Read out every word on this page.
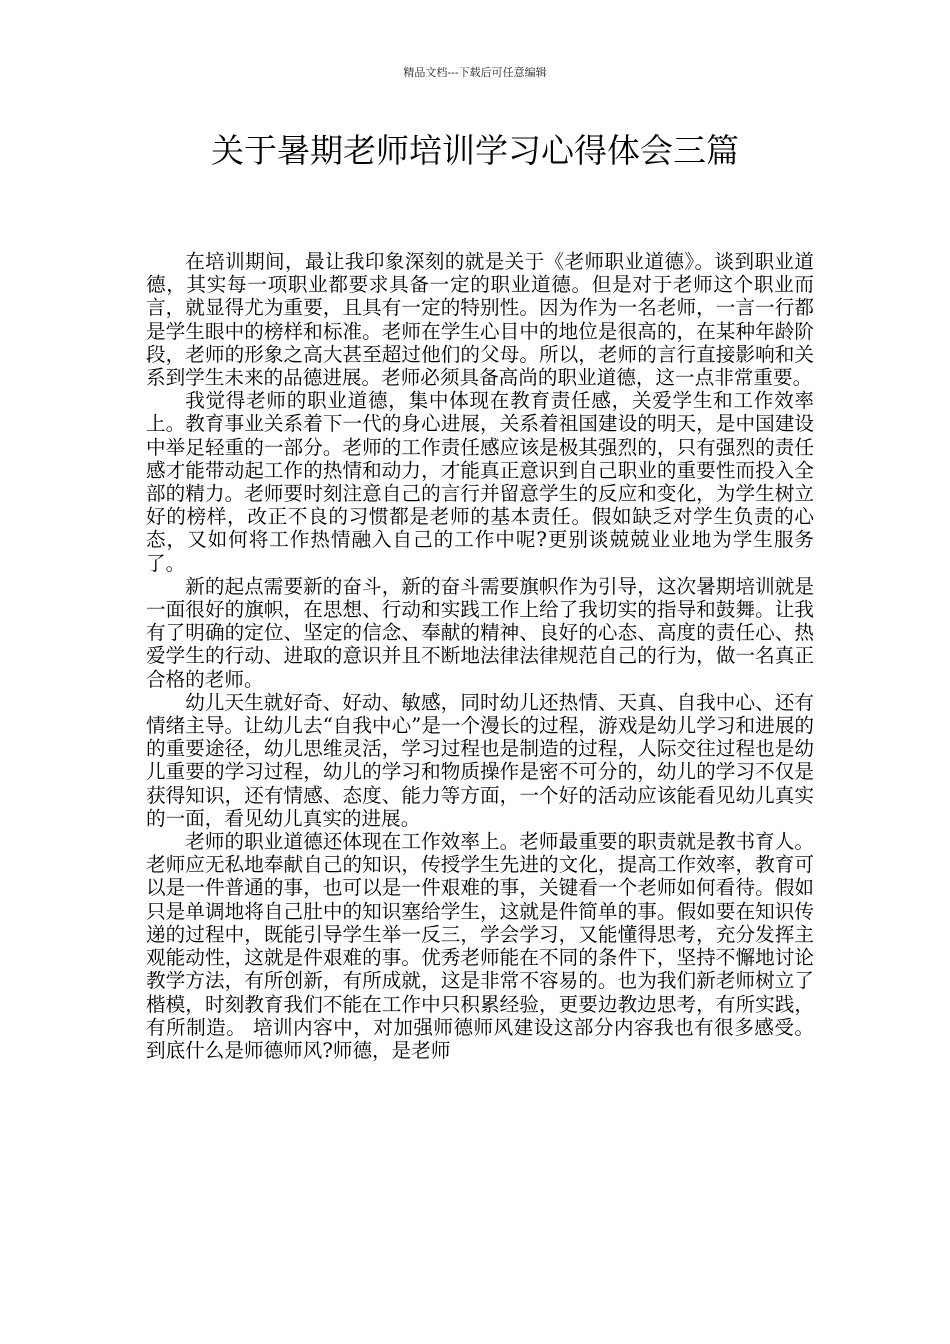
精品文档---下载后可任意编辑
关于暑期老师培训学习心得体会三篇

在培训期间，最让我印象深刻的就是关于《老师职业道德》。谈到职业道德，其实每一项职业都要求具备一定的职业道德。但是对于老师这个职业而言，就显得尤为重要，且具有一定的特别性。因为作为一名老师，一言一行都是学生眼中的榜样和标准。老师在学生心目中的地位是很高的，在某种年龄阶段，老师的形象之高大甚至超过他们的父母。所以，老师的言行直接影响和关系到学生未来的品德进展。老师必须具备高尚的职业道德，这一点非常重要。

我觉得老师的职业道德，集中体现在教育责任感，关爱学生和工作效率上。教育事业关系着下一代的身心进展，关系着祖国建设的明天，是中国建设中举足轻重的一部分。老师的工作责任感应该是极其强烈的，只有强烈的责任感才能带动起工作的热情和动力，才能真正意识到自己职业的重要性而投入全部的精力。老师要时刻注意自己的言行并留意学生的反应和变化，为学生树立好的榜样，改正不良的习惯都是老师的基本责任。假如缺乏对学生负责的心态，又如何将工作热情融入自己的工作中呢?更别谈兢兢业业地为学生服务了。

新的起点需要新的奋斗，新的奋斗需要旗帜作为引导，这次暑期培训就是一面很好的旗帜，在思想、行动和实践工作上给了我切实的指导和鼓舞。让我有了明确的定位、坚定的信念、奉献的精神、良好的心态、高度的责任心、热爱学生的行动、进取的意识并且不断地法律法律规范自己的行为，做一名真正合格的老师。

幼儿天生就好奇、好动、敏感，同时幼儿还热情、天真、自我中心、还有情绪主导。让幼儿去“自我中心”是一个漫长的过程，游戏是幼儿学习和进展的的重要途径，幼儿思维灵活，学习过程也是制造的过程，人际交往过程也是幼儿重要的学习过程，幼儿的学习和物质操作是密不可分的，幼儿的学习不仅是获得知识，还有情感、态度、能力等方面，一个好的活动应该能看见幼儿真实的一面，看见幼儿真实的进展。

老师的职业道德还体现在工作效率上。老师最重要的职责就是教书育人。老师应无私地奉献自己的知识，传授学生先进的文化，提高工作效率，教育可以是一件普通的事，也可以是一件艰难的事，关键看一个老师如何看待。假如只是单调地将自己肚中的知识塞给学生，这就是件简单的事。假如要在知识传递的过程中，既能引导学生举一反三，学会学习，又能懂得思考，充分发挥主观能动性，这就是件艰难的事。优秀老师能在不同的条件下，坚持不懈地讨论教学方法，有所创新，有所成就，这是非常不容易的。也为我们新老师树立了楷模，时刻教育我们不能在工作中只积累经验，更要边教边思考，有所实践，有所制造。 培训内容中，对加强师德师风建设这部分内容我也有很多感受。到底什么是师德师风?师德，是老师
